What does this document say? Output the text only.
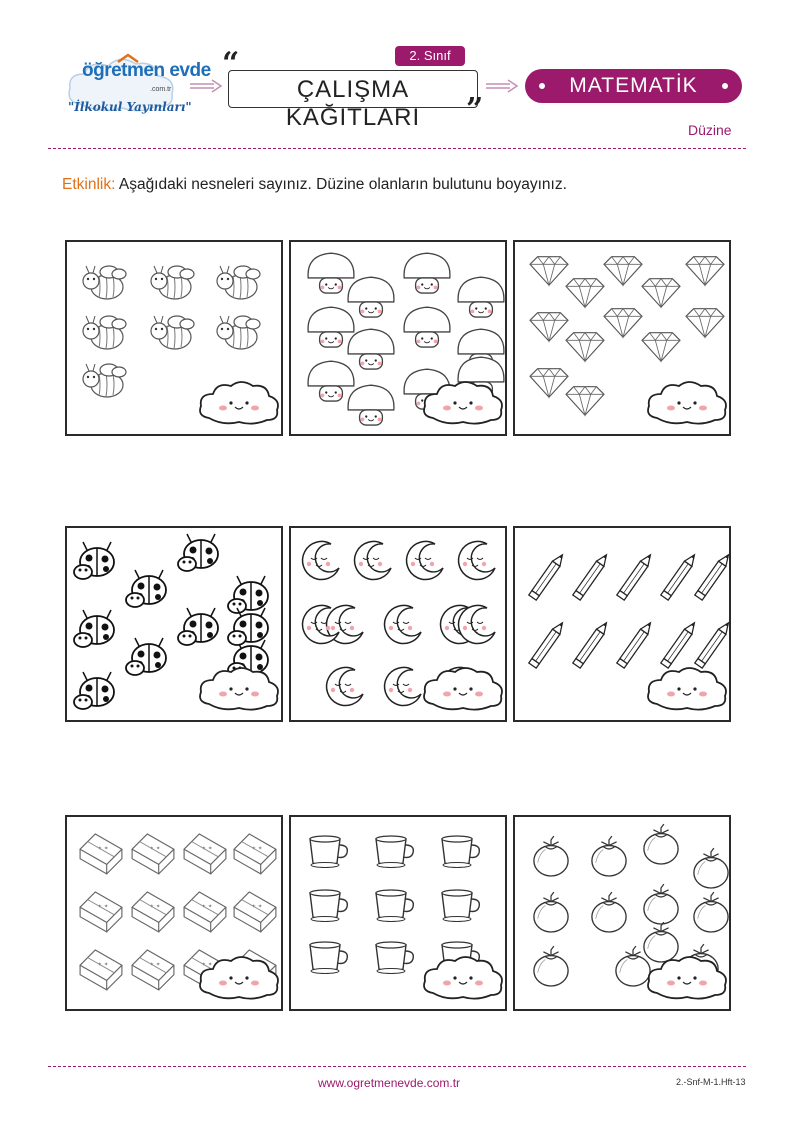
öğretmen evde
.com.tr
"İlkokul Yayınları"
“
ÇALIŞMA KAĞITLARI
2. Sınıf
”
MATEMATİK
Düzine
Etkinlik: Aşağıdaki nesneleri sayınız. Düzine olanların bulutunu boyayınız.
✦ ✦	✦ ✦	✦ ✦	✦ ✦
✦ ✦	✦ ✦	✦ ✦	✦ ✦
✦ ✦	✦ ✦	✦ ✦
www.ogretmenevde.com.tr	2.-Snf-M-1.Hft-13
